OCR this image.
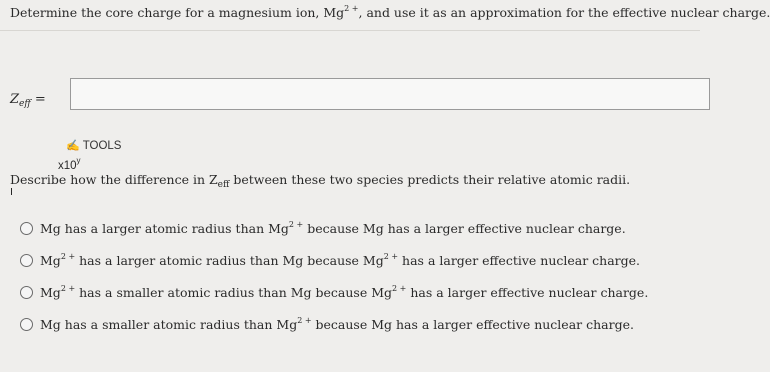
Determine the core charge for a magnesium ion, $Mg^{2 +}$, and use it as an approximation for the effective nuclear charge.
$Z_{eff}$ =
✍ TOOLS
x10$^y$
Describe how the difference in $Z_{eff}$ between these two species predicts their relative atomic radii.
Ι
Mg has a larger atomic radius than $Mg^{2 +}$ because Mg has a larger effective nuclear charge.
$Mg^{2 +}$ has a larger atomic radius than Mg because $Mg^{2 +}$ has a larger effective nuclear charge.
$Mg^{2 +}$ has a smaller atomic radius than Mg because $Mg^{2 +}$ has a larger effective nuclear charge.
Mg has a smaller atomic radius than $Mg^{2 +}$ because Mg has a larger effective nuclear charge.
